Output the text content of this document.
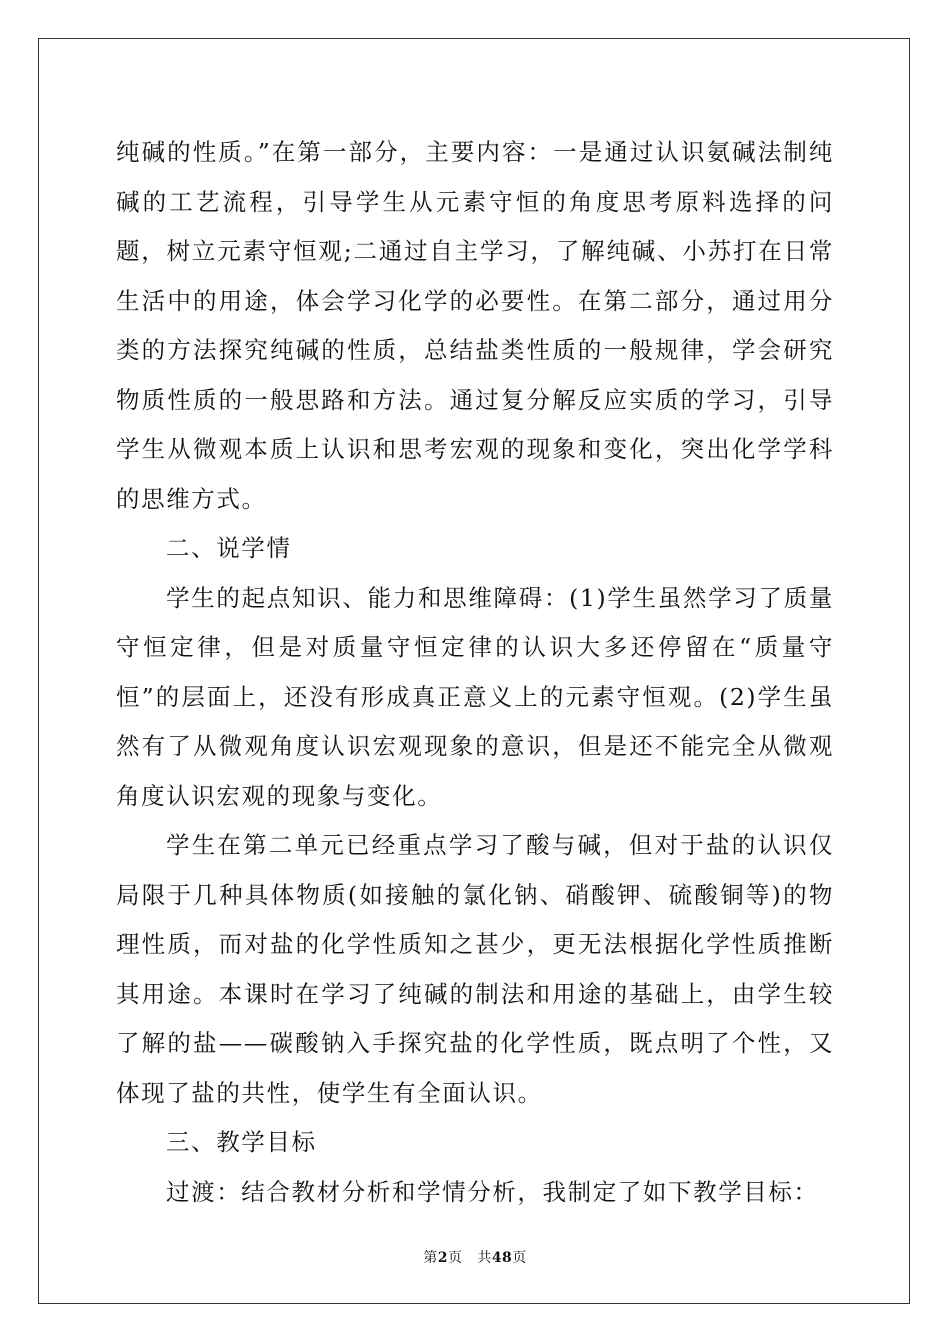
纯碱的性质。”在第一部分，主要内容：一是通过认识氨碱法制纯碱的工艺流程，引导学生从元素守恒的角度思考原料选择的问题，树立元素守恒观;二通过自主学习，了解纯碱、小苏打在日常生活中的用途，体会学习化学的必要性。在第二部分，通过用分类的方法探究纯碱的性质，总结盐类性质的一般规律，学会研究物质性质的一般思路和方法。通过复分解反应实质的学习，引导学生从微观本质上认识和思考宏观的现象和变化，突出化学学科的思维方式。

二、说学情

学生的起点知识、能力和思维障碍：(1)学生虽然学习了质量守恒定律，但是对质量守恒定律的认识大多还停留在“质量守恒”的层面上，还没有形成真正意义上的元素守恒观。(2)学生虽然有了从微观角度认识宏观现象的意识，但是还不能完全从微观角度认识宏观的现象与变化。

学生在第二单元已经重点学习了酸与碱，但对于盐的认识仅局限于几种具体物质(如接触的氯化钠、硝酸钾、硫酸铜等)的物理性质，而对盐的化学性质知之甚少，更无法根据化学性质推断其用途。本课时在学习了纯碱的制法和用途的基础上，由学生较了解的盐——碳酸钠入手探究盐的化学性质，既点明了个性，又体现了盐的共性，使学生有全面认识。

三、教学目标

过渡：结合教材分析和学情分析，我制定了如下教学目标：

第2页 共48页
